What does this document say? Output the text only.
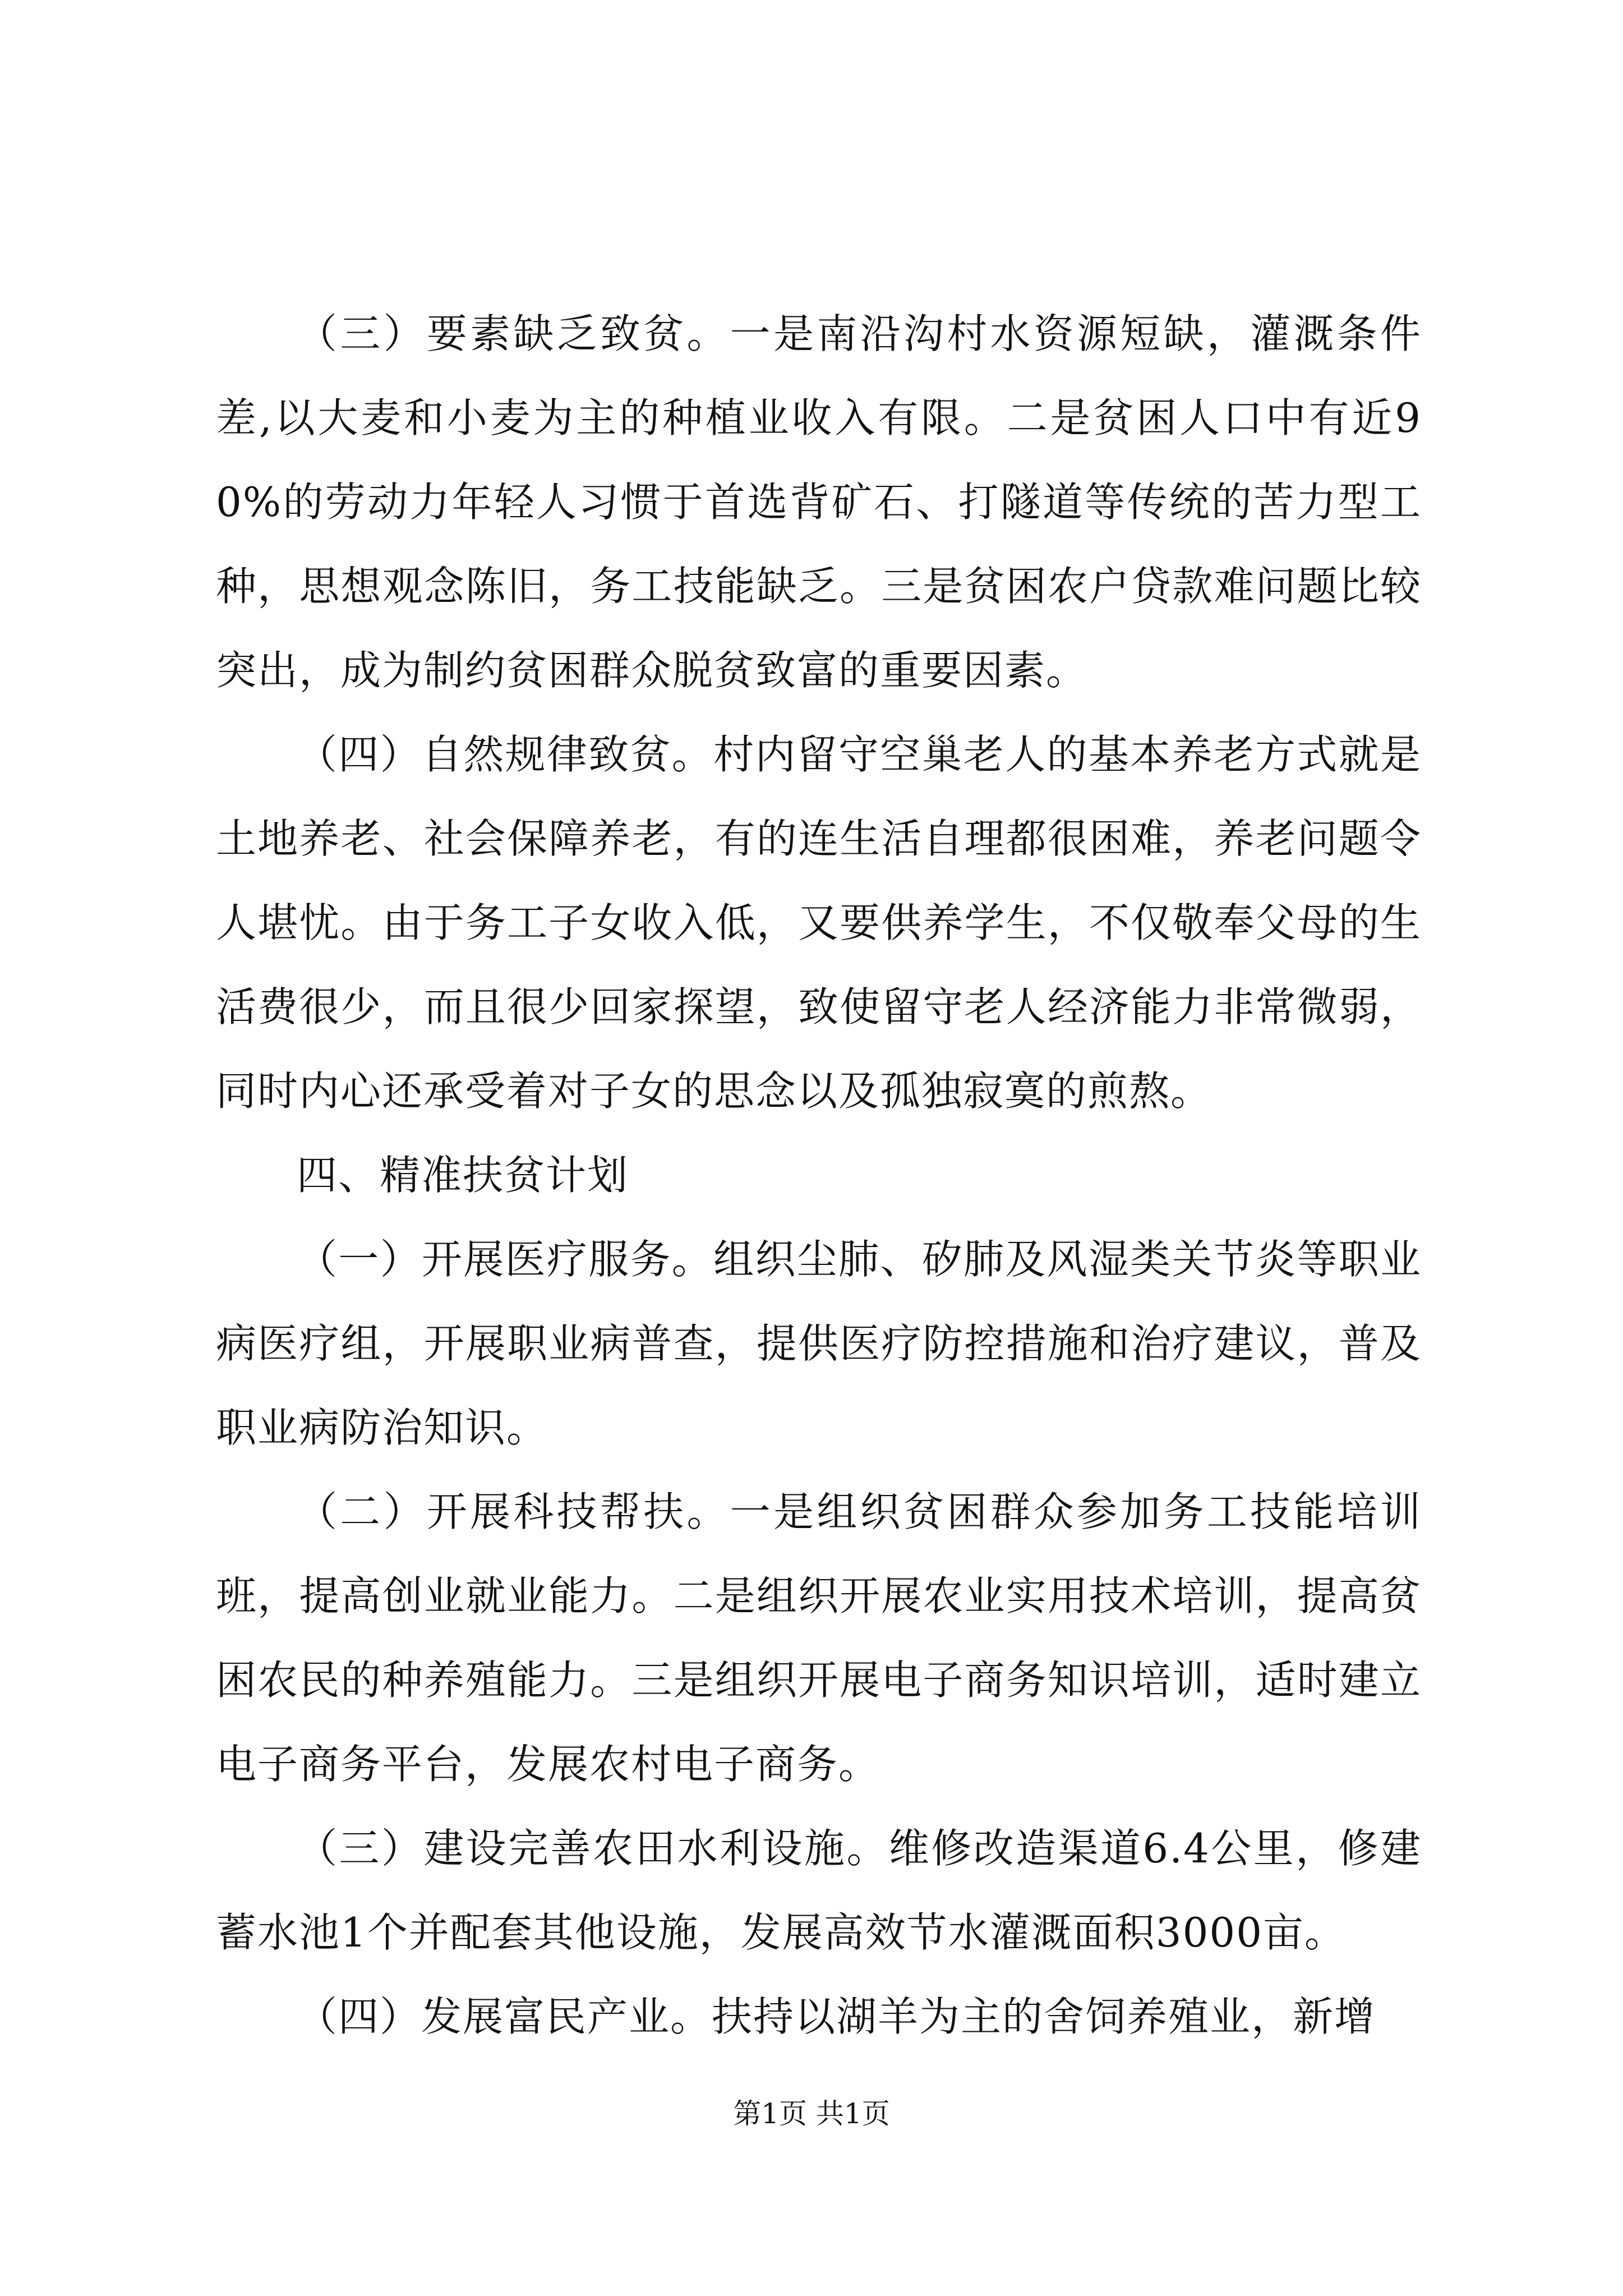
（三）要素缺乏致贫。一是南沿沟村水资源短缺，灌溉条件差,以大麦和小麦为主的种植业收入有限。二是贫困人口中有近90%的劳动力年轻人习惯于首选背矿石、打隧道等传统的苦力型工种，思想观念陈旧，务工技能缺乏。三是贫困农户贷款难问题比较突出，成为制约贫困群众脱贫致富的重要因素。

（四）自然规律致贫。村内留守空巢老人的基本养老方式就是土地养老、社会保障养老，有的连生活自理都很困难，养老问题令人堪忧。由于务工子女收入低，又要供养学生，不仅敬奉父母的生活费很少，而且很少回家探望，致使留守老人经济能力非常微弱，同时内心还承受着对子女的思念以及孤独寂寞的煎熬。

四、精准扶贫计划

（一）开展医疗服务。组织尘肺、矽肺及风湿类关节炎等职业病医疗组，开展职业病普查，提供医疗防控措施和治疗建议，普及职业病防治知识。

（二）开展科技帮扶。一是组织贫困群众参加务工技能培训班，提高创业就业能力。二是组织开展农业实用技术培训，提高贫困农民的种养殖能力。三是组织开展电子商务知识培训，适时建立电子商务平台，发展农村电子商务。

（三）建设完善农田水利设施。维修改造渠道6.4公里，修建蓄水池1个并配套其他设施，发展高效节水灌溉面积3000亩。

（四）发展富民产业。扶持以湖羊为主的舍饲养殖业，新增

第1页 共1页
